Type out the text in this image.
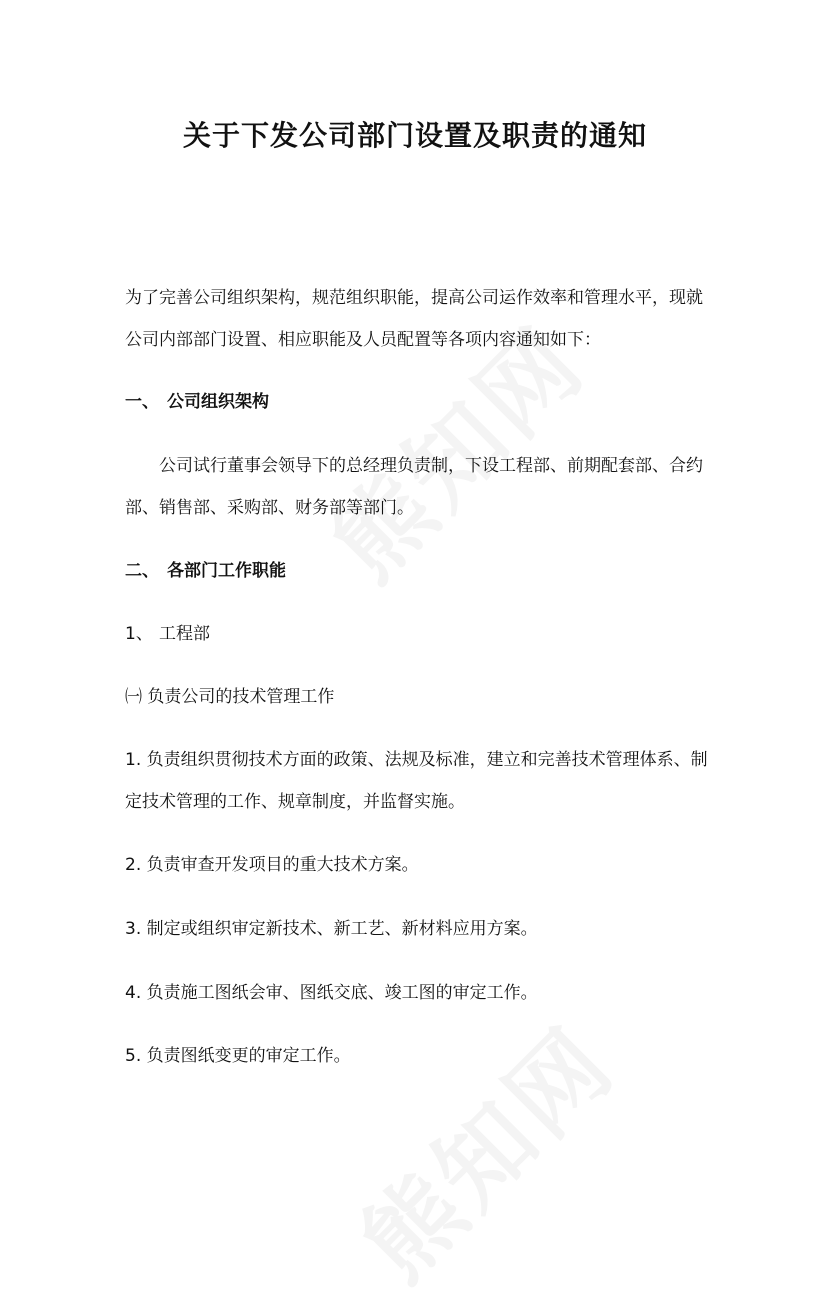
关于下发公司部门设置及职责的通知

为了完善公司组织架构，规范组织职能，提高公司运作效率和管理水平，现就

公司内部部门设置、相应职能及人员配置等各项内容通知如下：

一、 公司组织架构

公司试行董事会领导下的总经理负责制，下设工程部、前期配套部、合约

部、销售部、采购部、财务部等部门。

二、 各部门工作职能

1、 工程部

㈠ 负责公司的技术管理工作

1. 负责组织贯彻技术方面的政策、法规及标准，建立和完善技术管理体系、制

定技术管理的工作、规章制度，并监督实施。

2. 负责审查开发项目的重大技术方案。

3. 制定或组织审定新技术、新工艺、新材料应用方案。

4. 负责施工图纸会审、图纸交底、竣工图的审定工作。

5. 负责图纸变更的审定工作。
